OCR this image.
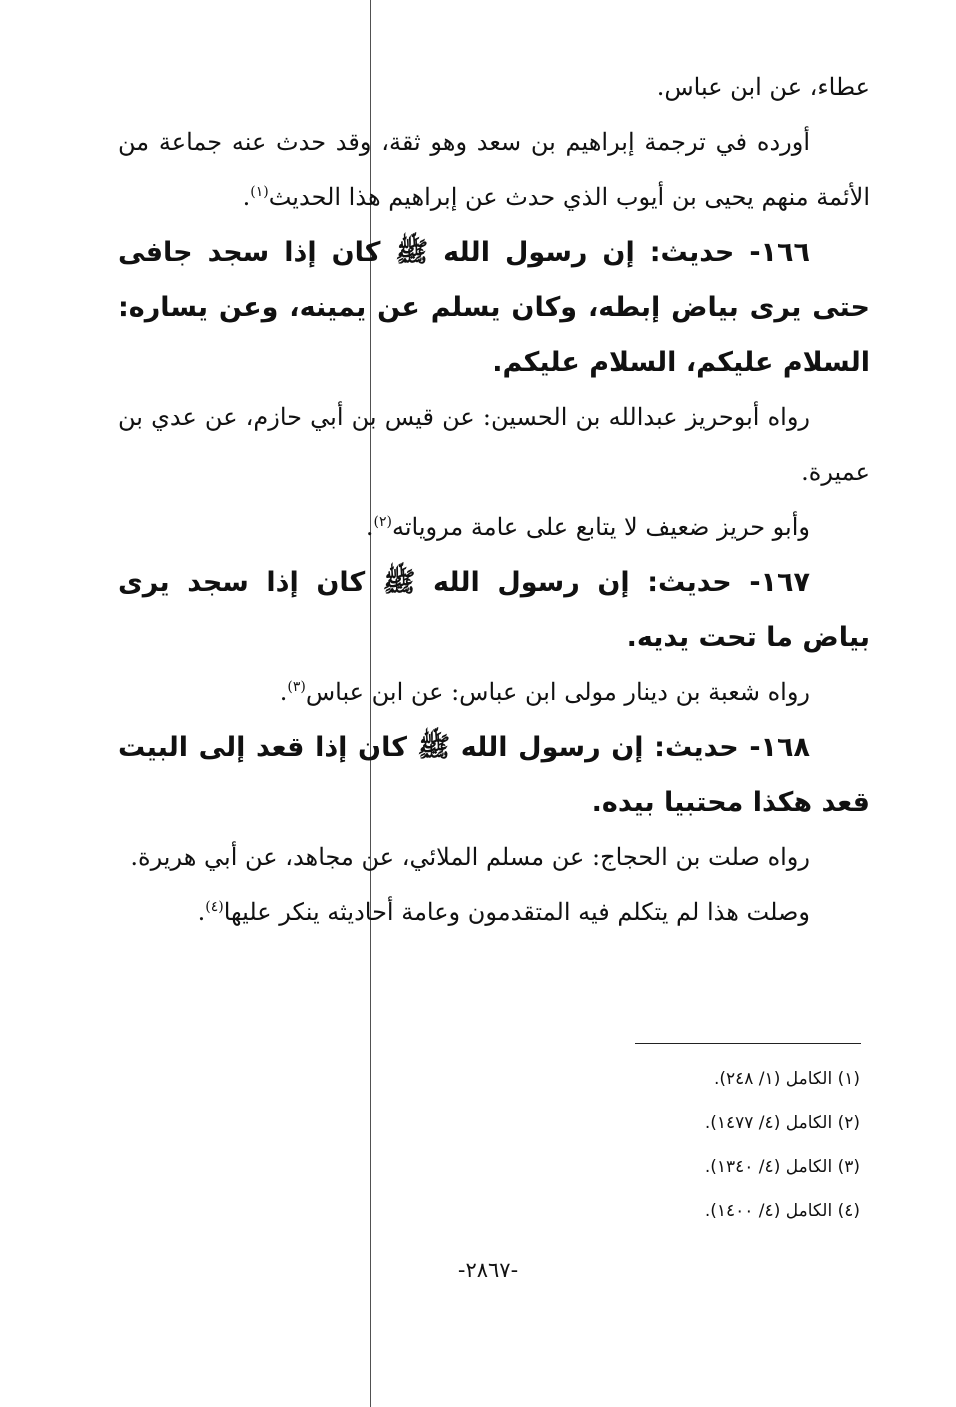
عطاء، عن ابن عباس.

أورده في ترجمة إبراهيم بن سعد وهو ثقة، وقد حدث عنه جماعة من الأئمة منهم يحيى بن أيوب الذي حدث عن إبراهيم هذا الحديث$^{(١)}$.

١٦٦- حديث: إن رسول الله ﷺ كان إذا سجد جافى حتى يرى بياض إبطه، وكان يسلم عن يمينه، وعن يساره: السلام عليكم، السلام عليكم.

رواه أبوحريز عبدالله بن الحسين: عن قيس بن أبي حازم، عن عدي بن عميرة.

وأبو حريز ضعيف لا يتابع على عامة مروياته$^{(٢)}$.

١٦٧- حديث: إن رسول الله ﷺ كان إذا سجد يرى بياض ما تحت يديه.

رواه شعبة بن دينار مولى ابن عباس: عن ابن عباس$^{(٣)}$.

١٦٨- حديث: إن رسول الله ﷺ كان إذا قعد إلى البيت قعد هكذا محتبيا بيده.

رواه صلت بن الحجاج: عن مسلم الملائي، عن مجاهد، عن أبي هريرة.

وصلت هذا لم يتكلم فيه المتقدمون وعامة أحاديثه ينكر عليها$^{(٤)}$.

(١) الكامل (١/ ٢٤٨).
(٢) الكامل (٤/ ١٤٧٧).
(٣) الكامل (٤/ ١٣٤٠).
(٤) الكامل (٤/ ١٤٠٠).
-٢٨٦٧-
